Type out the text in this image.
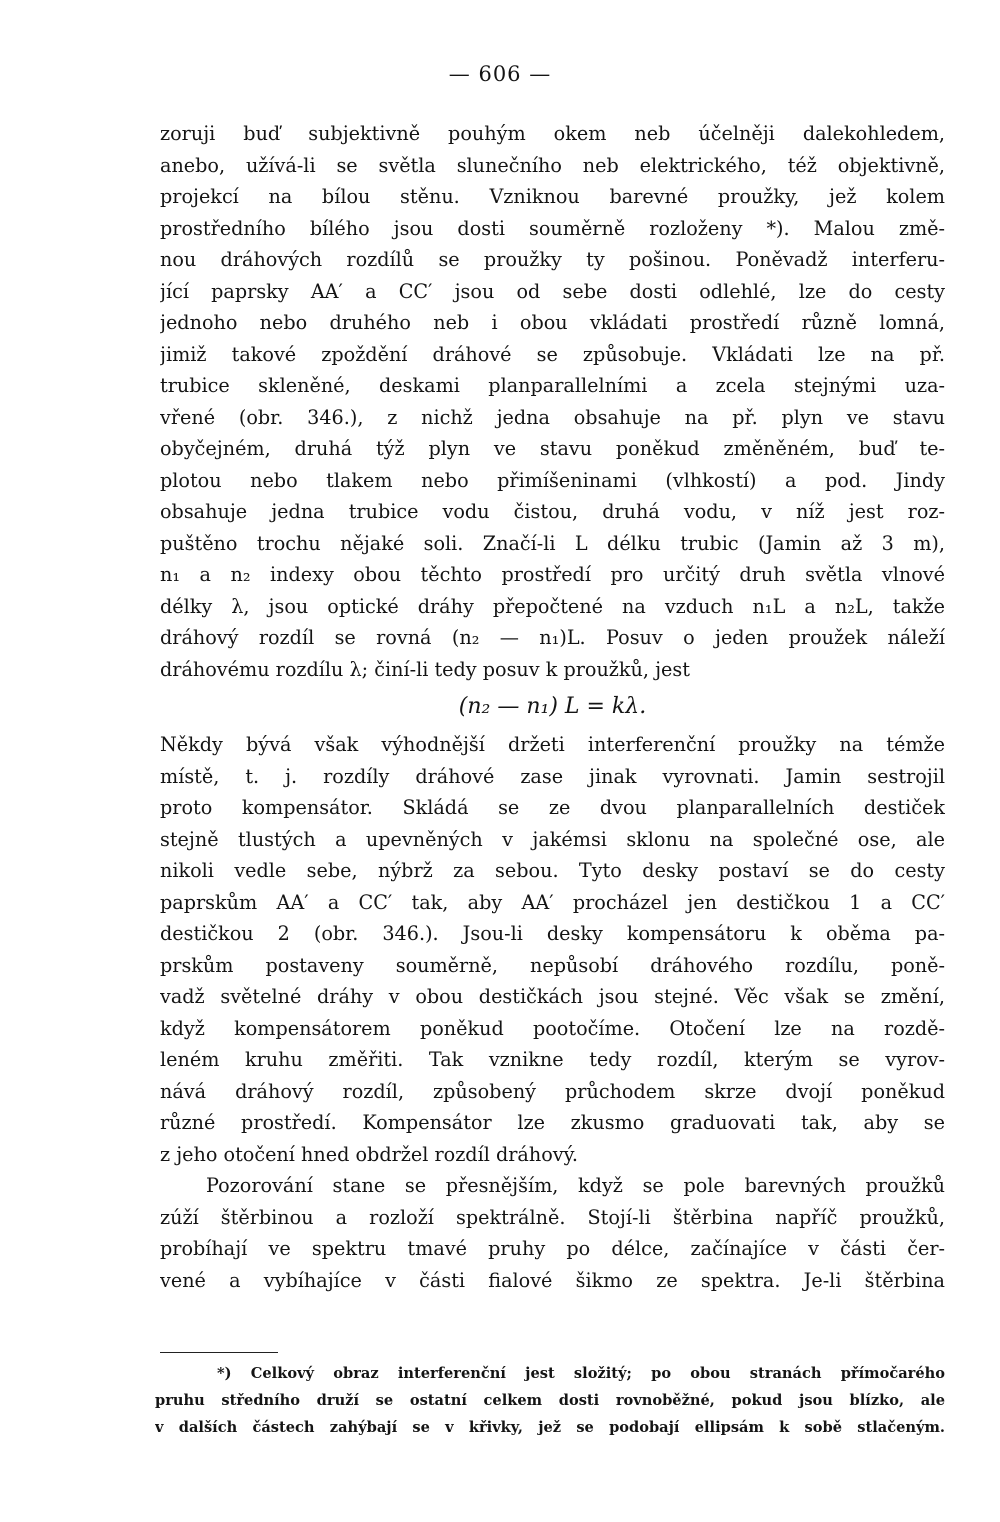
— 606 —
zoruji buď subjektivně pouhým okem neb účelněji dalekohledem,
anebo, užívá-li se světla slunečního neb elektrického, též objektivně,
projekcí na bílou stěnu. Vzniknou barevné proužky, jež kolem
prostředního bílého jsou dosti souměrně rozloženy *). Malou změ-
nou dráhových rozdílů se proužky ty pošinou. Poněvadž interferu-
jící paprsky AA′ a CC′ jsou od sebe dosti odlehlé, lze do cesty
jednoho nebo druhého neb i obou vkládati prostředí různě lomná,
jimiž takové zpoždění dráhové se způsobuje. Vkládati lze na př.
trubice skleněné, deskami planparallelními a zcela stejnými uza-
vřené (obr. 346.), z nichž jedna obsahuje na př. plyn ve stavu
obyčejném, druhá týž plyn ve stavu poněkud změněném, buď te-
plotou nebo tlakem nebo přimíšeninami (vlhkostí) a pod. Jindy
obsahuje jedna trubice vodu čistou, druhá vodu, v níž jest roz-
puštěno trochu nějaké soli. Značí-li L délku trubic (Jamin až 3 m),
n₁ a n₂ indexy obou těchto prostředí pro určitý druh světla vlnové
délky λ, jsou optické dráhy přepočtené na vzduch n₁L a n₂L, takže
dráhový rozdíl se rovná (n₂ — n₁)L. Posuv o jeden proužek náleží
dráhovému rozdílu λ; činí-li tedy posuv k proužků, jest
(n₂ — n₁) L = kλ.
Někdy bývá však výhodnější držeti interferenční proužky na témže
místě, t. j. rozdíly dráhové zase jinak vyrovnati. Jamin sestrojil
proto kompensátor. Skládá se ze dvou planparallelních destiček
stejně tlustých a upevněných v jakémsi sklonu na společné ose, ale
nikoli vedle sebe, nýbrž za sebou. Tyto desky postaví se do cesty
paprskům AA′ a CC′ tak, aby AA′ procházel jen destičkou 1 a CC′
destičkou 2 (obr. 346.). Jsou-li desky kompensátoru k oběma pa-
prskům postaveny souměrně, nepůsobí dráhového rozdílu, poně-
vadž světelné dráhy v obou destičkách jsou stejné. Věc však se změní,
když kompensátorem poněkud pootočíme. Otočení lze na rozdě-
leném kruhu změřiti. Tak vznikne tedy rozdíl, kterým se vyrov-
nává dráhový rozdíl, způsobený průchodem skrze dvojí poněkud
různé prostředí. Kompensátor lze zkusmo graduovati tak, aby se
z jeho otočení hned obdržel rozdíl dráhový.
Pozorování stane se přesnějším, když se pole barevných proužků
zúží štěrbinou a rozloží spektrálně. Stojí-li štěrbina napříč proužků,
probíhají ve spektru tmavé pruhy po délce, začínajíce v části čer-
vené a vybíhajíce v části fialové šikmo ze spektra. Je-li štěrbina
*) Celkový obraz interferenční jest složitý; po obou stranách přímočarého
pruhu středního druží se ostatní celkem dosti rovnoběžné, pokud jsou blízko, ale
v dalších částech zahýbají se v křivky, jež se podobají ellipsám k sobě stlačeným.
